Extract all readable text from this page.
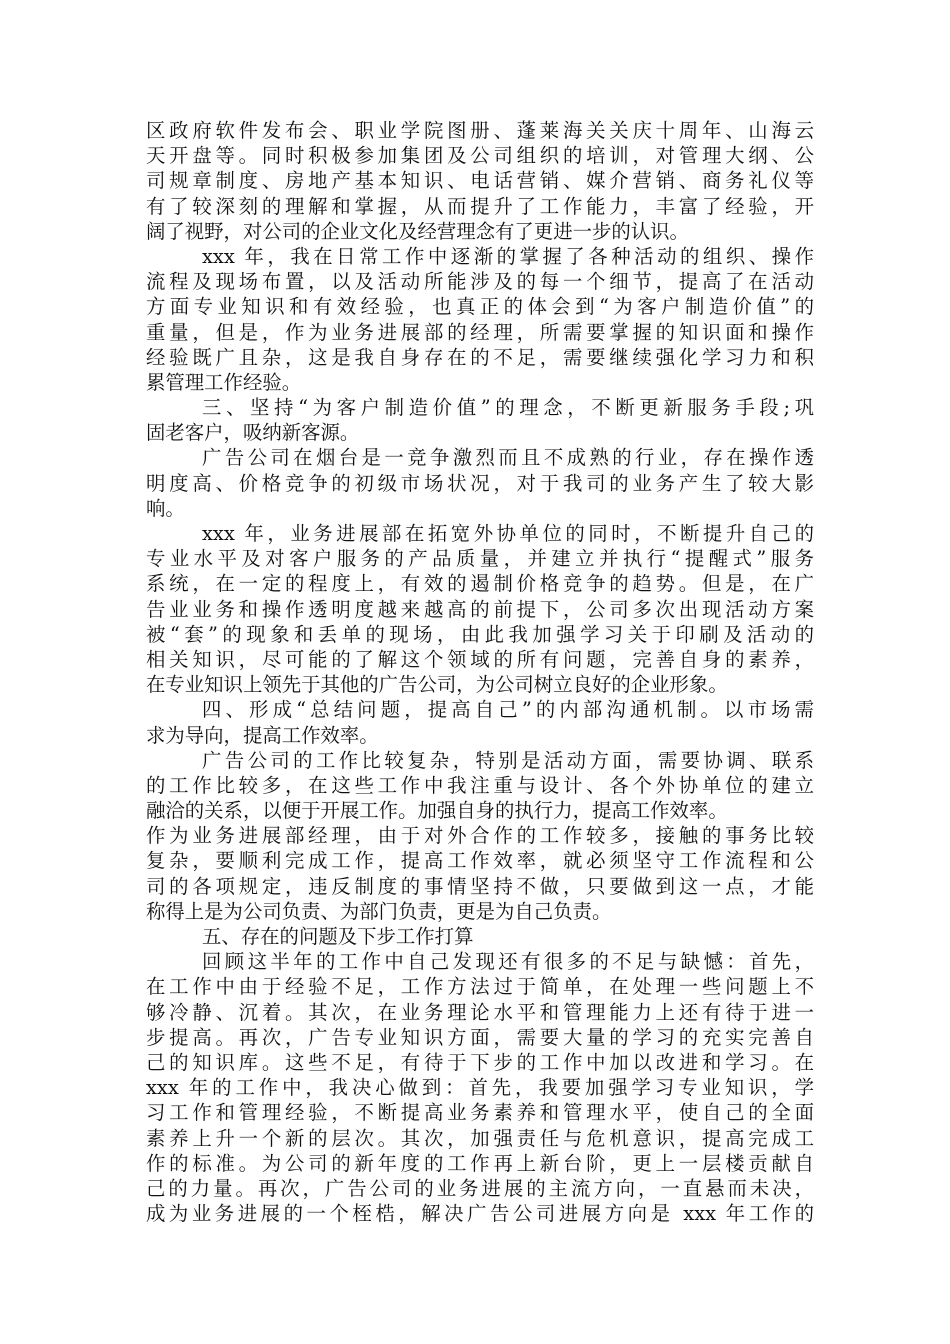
区政府软件发布会、职业学院图册、蓬莱海关关庆十周年、山海云
天开盘等。同时积极参加集团及公司组织的培训，对管理大纲、公
司规章制度、房地产基本知识、电话营销、媒介营销、商务礼仪等
有了较深刻的理解和掌握，从而提升了工作能力，丰富了经验，开
阔了视野，对公司的企业文化及经营理念有了更进一步的认识。
xxx 年，我在日常工作中逐渐的掌握了各种活动的组织、操作
流程及现场布置，以及活动所能涉及的每一个细节，提高了在活动
方面专业知识和有效经验，也真正的体会到“为客户制造价值”的
重量，但是，作为业务进展部的经理，所需要掌握的知识面和操作
经验既广且杂，这是我自身存在的不足，需要继续强化学习力和积
累管理工作经验。
三、坚持“为客户制造价值”的理念，不断更新服务手段;巩
固老客户，吸纳新客源。
广告公司在烟台是一竞争激烈而且不成熟的行业，存在操作透
明度高、价格竞争的初级市场状况，对于我司的业务产生了较大影
响。
xxx 年，业务进展部在拓宽外协单位的同时，不断提升自己的
专业水平及对客户服务的产品质量，并建立并执行“提醒式”服务
系统，在一定的程度上，有效的遏制价格竞争的趋势。但是，在广
告业业务和操作透明度越来越高的前提下，公司多次出现活动方案
被“套”的现象和丢单的现场，由此我加强学习关于印刷及活动的
相关知识，尽可能的了解这个领域的所有问题，完善自身的素养，
在专业知识上领先于其他的广告公司，为公司树立良好的企业形象。
四、形成“总结问题，提高自己”的内部沟通机制。以市场需
求为导向，提高工作效率。
广告公司的工作比较复杂，特别是活动方面，需要协调、联系
的工作比较多，在这些工作中我注重与设计、各个外协单位的建立
融洽的关系，以便于开展工作。加强自身的执行力，提高工作效率。
作为业务进展部经理，由于对外合作的工作较多，接触的事务比较
复杂，要顺利完成工作，提高工作效率，就必须坚守工作流程和公
司的各项规定，违反制度的事情坚持不做，只要做到这一点，才能
称得上是为公司负责、为部门负责，更是为自己负责。
五、存在的问题及下步工作打算
回顾这半年的工作中自己发现还有很多的不足与缺憾：首先，
在工作中由于经验不足，工作方法过于简单，在处理一些问题上不
够冷静、沉着。其次，在业务理论水平和管理能力上还有待于进一
步提高。再次，广告专业知识方面，需要大量的学习的充实完善自
己的知识库。这些不足，有待于下步的工作中加以改进和学习。在
xxx 年的工作中，我决心做到：首先，我要加强学习专业知识，学
习工作和管理经验，不断提高业务素养和管理水平，使自己的全面
素养上升一个新的层次。其次，加强责任与危机意识，提高完成工
作的标准。为公司的新年度的工作再上新台阶，更上一层楼贡献自
己的力量。再次，广告公司的业务进展的主流方向，一直悬而未决，
成为业务进展的一个桎梏，解决广告公司进展方向是 xxx 年工作的
